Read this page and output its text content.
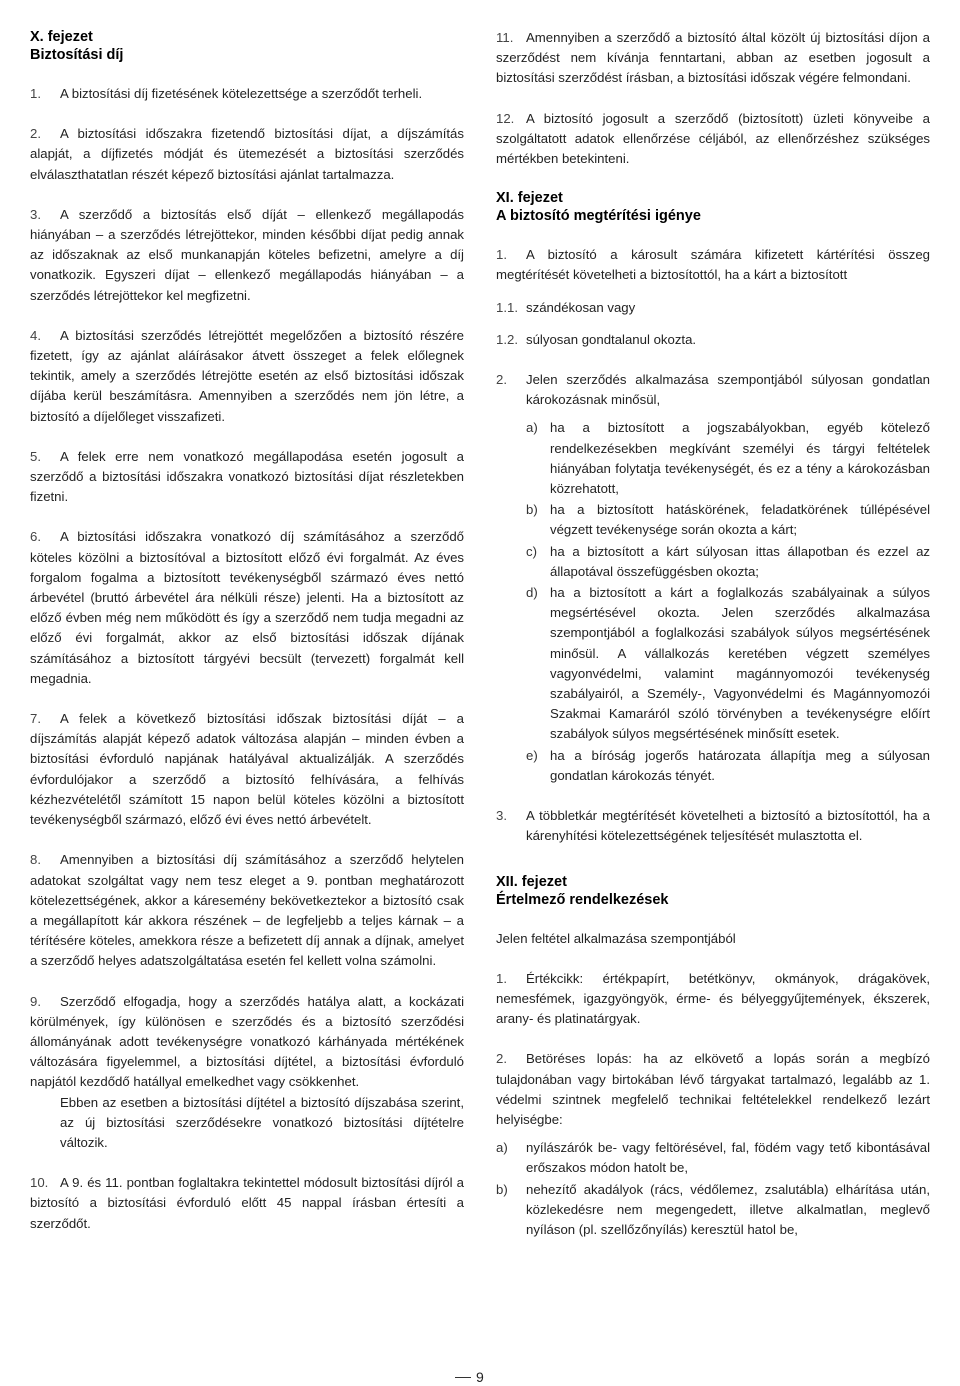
X. fejezet

Biztosítási díj

1.	A biztosítási díj fizetésének kötelezettsége a szerződőt terheli.
2.	A biztosítási időszakra fizetendő biztosítási díjat, a díjszámítás alapját, a díjfizetés módját és ütemezését a biztosítási szerződés elválaszthatatlan részét képező biztosítási ajánlat tartalmazza.
3.	A szerződő a biztosítás első díját – ellenkező megállapodás hiányában – a szerződés létrejöttekor, minden későbbi díjat pedig annak az időszaknak az első munkanapján köteles befizetni, amelyre a díj vonatkozik. Egyszeri díjat – ellenkező megállapodás hiányában – a szerződés létrejöttekor kel megfizetni.
4.	A biztosítási szerződés létrejöttét megelőzően a biztosító részére fizetett, így az ajánlat aláírásakor átvett összeget a felek előlegnek tekintik, amely a szerződés létrejötte esetén az első biztosítási időszak díjába kerül beszámításra. Amennyiben a szerződés nem jön létre, a biztosító a díjelőleget visszafizeti.
5.	A felek erre nem vonatkozó megállapodása esetén jogosult a szerződő a biztosítási időszakra vonatkozó biztosítási díjat részletekben fizetni.
6.	A biztosítási időszakra vonatkozó díj számításához a szerződő köteles közölni a biztosítóval a biztosított előző évi forgalmát. Az éves forgalom fogalma a biztosított tevékenységből származó éves nettó árbevétel (bruttó árbevétel ára nélküli része) jelenti. Ha a biztosított az előző évben még nem működött és így a szerződő nem tudja megadni az előző évi forgalmát, akkor az első biztosítási időszak díjának számításához a biztosított tárgyévi becsült (tervezett) forgalmát kell megadnia.
7.	A felek a következő biztosítási időszak biztosítási díját – a díjszámítás alapját képező adatok változása alapján – minden évben a biztosítási évforduló napjának hatályával aktualizálják. A szerződés évfordulójakor a szerződő a biztosító felhívására, a felhívás kézhezvételétől számított 15 napon belül köteles közölni a biztosított tevékenységből származó, előző évi éves nettó árbevételt.
8.	Amennyiben a biztosítási díj számításához a szerződő helytelen adatokat szolgáltat vagy nem tesz eleget a 9. pontban meghatározott kötelezettségének, akkor a káresemény bekövetkeztekor a biztosító csak a megállapított kár akkora részének – de legfeljebb a teljes kárnak – a térítésére köteles, amekkora része a befizetett díj annak a díjnak, amelyet a szerződő helyes adatszolgáltatása esetén fel kellett volna számolni.
9.	Szerződő elfogadja, hogy a szerződés hatálya alatt, a kockázati körülmények, így különösen e szerződés és a biztosító szerződési állományának adott tevékenységre vonatkozó kárhányada mértékének változására figyelemmel, a biztosítási díjtétel, a biztosítási évforduló napjától kezdődő hatállyal emelkedhet vagy csökkenhet.
Ebben az esetben a biztosítási díjtétel a biztosító díjszabása szerint, az új biztosítási szerződésekre vonatkozó biztosítási díjtételre változik.
10. A 9. és 11. pontban foglaltakra tekintettel módosult biztosítási díjról a biztosító a biztosítási évforduló előtt 45 nappal írásban értesíti a szerződőt.
11. Amennyiben a szerződő a biztosító által közölt új biztosítási díjon a szerződést nem kívánja fenntartani, abban az esetben jogosult a biztosítási szerződést írásban, a biztosítási időszak végére felmondani.
12. A biztosító jogosult a szerződő (biztosított) üzleti könyveibe a szolgáltatott adatok ellenőrzése céljából, az ellenőrzéshez szükséges mértékben betekinteni.

XI. fejezet

A biztosító megtérítési igénye

1.	A biztosító a károsult számára kifizetett kártérítési összeg megtérítését követelheti a biztosítottól, ha a kárt a biztosított
1.1. szándékosan vagy
1.2. súlyosan gondtalanul okozta.
2.	Jelen szerződés alkalmazása szempontjából súlyosan gondatlan károkozásnak minősül,
a) ha a biztosított a jogszabályokban, egyéb kötelező rendelkezésekben megkívánt személyi és tárgyi feltételek hiányában folytatja tevékenységét, és ez a tény a károkozásban közrehatott,
b) ha a biztosított hatáskörének, feladatkörének túllépésével végzett tevékenysége során okozta a kárt;
c) ha a biztosított a kárt súlyosan ittas állapotban és ezzel az állapotával összefüggésben okozta;
d) ha a biztosított a kárt a foglalkozás szabályainak a súlyos megsértésével okozta. Jelen szerződés alkalmazása szempontjából a foglalkozási szabályok súlyos megsértésének minősül. A vállalkozás keretében végzett személyes vagyonvédelmi, valamint magánnyomozói tevékenység szabályairól, a Személy-, Vagyonvédelmi és Magánnyomozói Szakmai Kamaráról szóló törvényben a tevékenységre előírt szabályok súlyos megsértésének minősítt esetek.
e) ha a bíróság jogerős határozata állapítja meg a súlyosan gondatlan károkozás tényét.
3.	A többletkár megtérítését követelheti a biztosító a biztosítottól, ha a kárenyhítési kötelezettségének teljesítését mulasztotta el.

XII. fejezet

Értelmező rendelkezések

Jelen feltétel alkalmazása szempontjából

1.	Értékcikk: értékpapírt, betétkönyv, okmányok, drágakövek, nemesfémek, igazgyöngyök, érme- és bélyeggyűjtemények, ékszerek, arany- és platinatárgyak.
2.	Betöréses lopás: ha az elkövető a lopás során a megbízó tulajdonában vagy birtokában lévő tárgyakat tartalmazó, legalább az 1. védelmi szintnek megfelelő technikai feltételekkel rendelkező lezárt helyiségbe:
a)	nyílászárók be- vagy feltörésével, fal, födém vagy tető kibontásával erőszakos módon hatolt be,
b)	nehezítő akadályok (rács, védőlemez, zsalutábla) elhárítása után, közlekedésre nem megengedett, illetve alkalmatlan, meglevő nyíláson (pl. szellőzőnyílás) keresztül hatol be,
9
